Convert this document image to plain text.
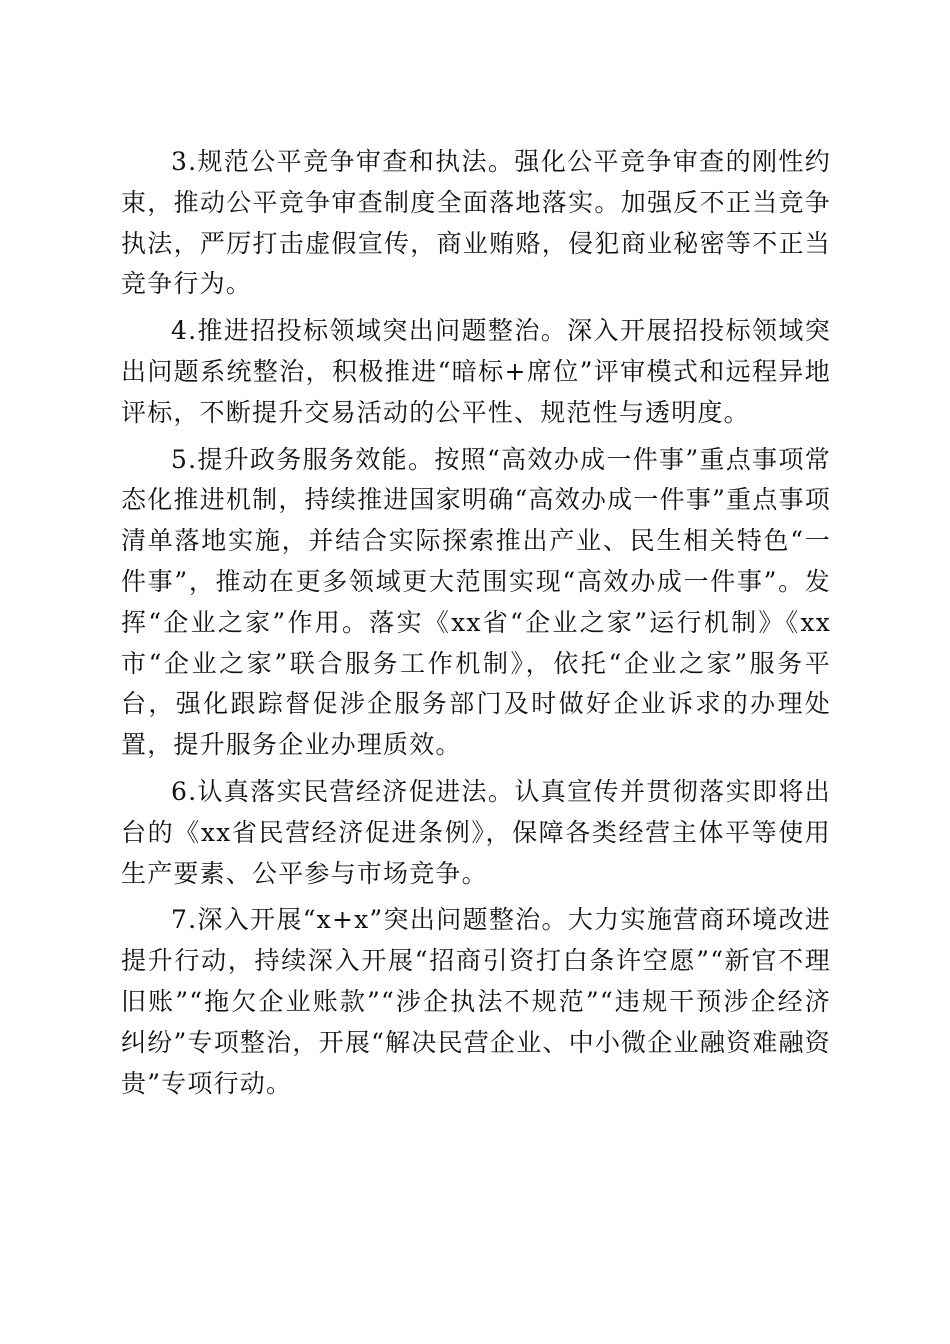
3.规范公平竞争审查和执法。强化公平竞争审查的刚性约束，推动公平竞争审查制度全面落地落实。加强反不正当竞争执法，严厉打击虚假宣传，商业贿赂，侵犯商业秘密等不正当竞争行为。

4.推进招投标领域突出问题整治。深入开展招投标领域突出问题系统整治，积极推进“暗标+席位”评审模式和远程异地评标，不断提升交易活动的公平性、规范性与透明度。

5.提升政务服务效能。按照“高效办成一件事”重点事项常态化推进机制，持续推进国家明确“高效办成一件事”重点事项清单落地实施，并结合实际探索推出产业、民生相关特色“一件事”，推动在更多领域更大范围实现“高效办成一件事”。发挥“企业之家”作用。落实《xx省“企业之家”运行机制》《xx市“企业之家”联合服务工作机制》，依托“企业之家”服务平台，强化跟踪督促涉企服务部门及时做好企业诉求的办理处置，提升服务企业办理质效。

6.认真落实民营经济促进法。认真宣传并贯彻落实即将出台的《xx省民营经济促进条例》，保障各类经营主体平等使用生产要素、公平参与市场竞争。

7.深入开展“x+x”突出问题整治。大力实施营商环境改进提升行动，持续深入开展“招商引资打白条许空愿”“新官不理旧账”“拖欠企业账款”“涉企执法不规范”“违规干预涉企经济纠纷”专项整治，开展“解决民营企业、中小微企业融资难融资贵”专项行动。
